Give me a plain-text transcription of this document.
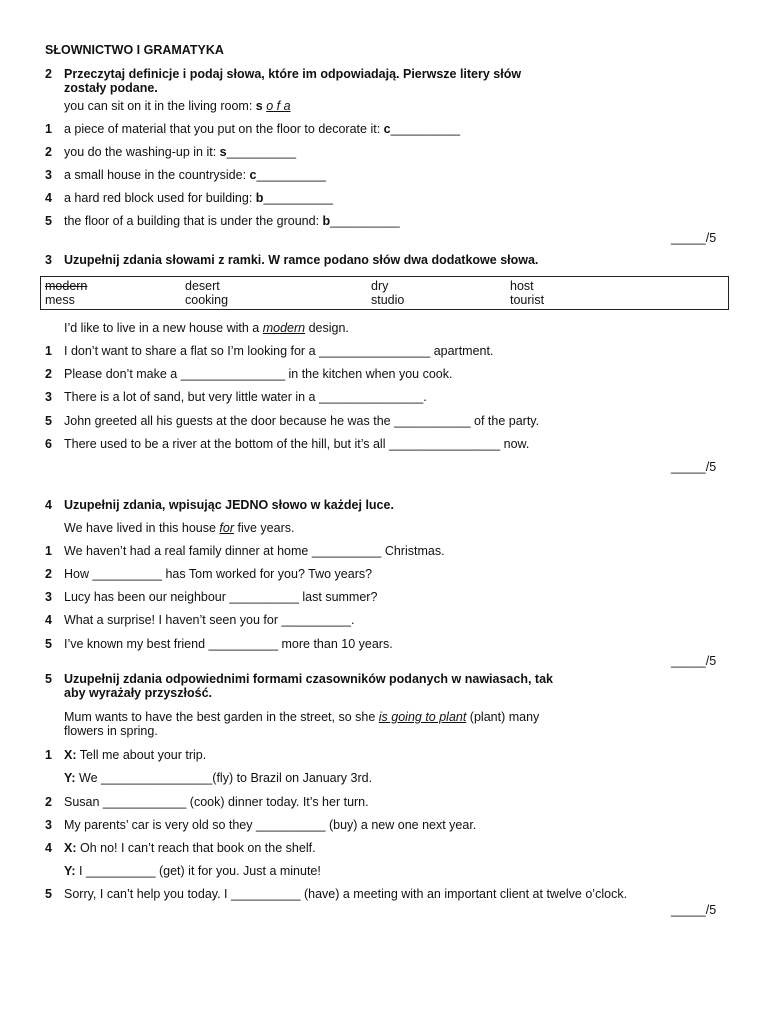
SŁOWNICTWO I GRAMATYKA
2 Przeczytaj definicje i podaj słowa, które im odpowiadają. Pierwsze litery słów
zostały podane.
you can sit on it in the living room: s o f a
1 a piece of material that you put on the floor to decorate it: c__________
2 you do the washing-up in it: s__________
3 a small house in the countryside: c__________
4 a hard red block used for building: b__________
5 the floor of a building that is under the ground: b__________
_____/5
3 Uzupełnij zdania słowami z ramki. W ramce podano słów dwa dodatkowe słowa.
modern	desert	dry	host
mess	cooking	studio	tourist
I’d like to live in a new house with a modern design.
1 I don’t want to share a flat so I’m looking for a ________________ apartment.
2 Please don’t make a _______________ in the kitchen when you cook.
3 There is a lot of sand, but very little water in a _______________.
5 John greeted all his guests at the door because he was the ___________ of the party.
6 There used to be a river at the bottom of the hill, but it’s all ________________ now.
_____/5
4 Uzupełnij zdania, wpisując JEDNO słowo w każdej luce.
We have lived in this house for five years.
1 We haven’t had a real family dinner at home __________ Christmas.
2 How __________ has Tom worked for you? Two years?
3 Lucy has been our neighbour __________ last summer?
4 What a surprise! I haven’t seen you for __________.
5 I’ve known my best friend __________ more than 10 years.
_____/5
5 Uzupełnij zdania odpowiednimi formami czasowników podanych w nawiasach, tak
aby wyrażały przyszłość.
Mum wants to have the best garden in the street, so she is going to plant (plant) many
flowers in spring.
1 X: Tell me about your trip.
Y: We ________________(fly) to Brazil on January 3rd.
2 Susan ____________ (cook) dinner today. It’s her turn.
3 My parents’ car is very old so they __________ (buy) a new one next year.
4 X: Oh no! I can’t reach that book on the shelf.
Y: I __________ (get) it for you. Just a minute!
5 Sorry, I can’t help you today. I __________ (have) a meeting with an important client at twelve o’clock.
_____/5
